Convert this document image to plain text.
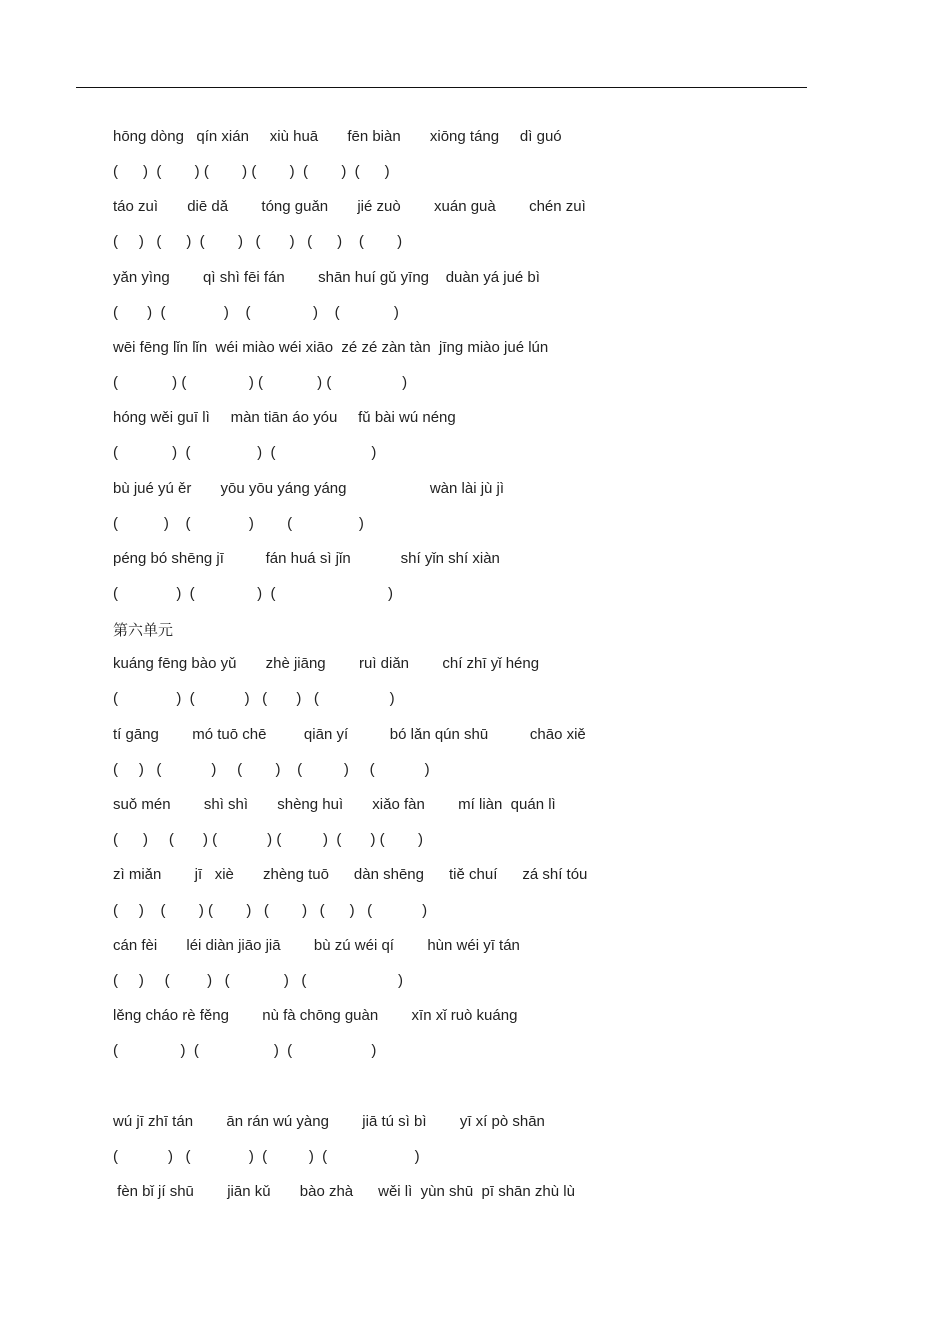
hōng dòng   qín xián     xiù huā       fēn biàn       xiōng táng     dì guó

(      )  (        ) (        ) (        )  (        )  (      )

táo zuì       diē dǎ        tóng guǎn       jié zuò        xuán guà        chén zuì

(     )   (      )  (        )   (       )   (      )    (        )

yǎn yìng        qì shì fēi fán        shān huí gǔ yīng    duàn yá jué bì

(       )  (              )    (               )    (             )

wēi fēng lǐn lǐn  wéi miào wéi xiāo  zé zé zàn tàn  jīng miào jué lún

(             ) (               ) (             ) (                 )

hóng wěi guī lì     màn tiān áo yóu     fǔ bài wú néng

(             )  (                )  (                       )

bù jué yú ěr       yōu yōu yáng yáng                    wàn lài jù jì

(           )    (              )        (                )

péng bó shēng jī          fán huá sì jǐn            shí yǐn shí xiàn

(              )  (               )  (                           )

第六单元

kuáng fēng bào yǔ       zhè jiāng        ruì diǎn        chí zhī yǐ héng

(              )  (            )   (       )   (                 )

tí gāng        mó tuō chē         qiān yí          bó lǎn qún shū          chāo xiě

(     )   (            )     (        )    (          )     (            )

suǒ mén        shì shì       shèng huì       xiǎo fàn        mí liàn  quán lì

(      )     (       ) (            ) (          )  (       ) (        )

zì miǎn        jī   xiè       zhèng tuō      dàn shēng      tiě chuí      zá shí tóu

(     )    (        ) (        )   (        )   (      )   (            )

cán fèi       léi diàn jiāo jiā        bù zú wéi qí        hùn wéi yī tán

(     )     (         )   (             )   (                      )

lěng cháo rè fěng        nù fà chōng guàn        xīn xǐ ruò kuáng

(               )  (                  )  (                   )

wú jī zhī tán        ān rán wú yàng        jiā tú sì bì        yī xí pò shān

(            )   (              )  (          )  (                     )

fèn bǐ jí shū        jiān kǔ       bào zhà      wěi lì  yùn shū  pī shān zhù lù
